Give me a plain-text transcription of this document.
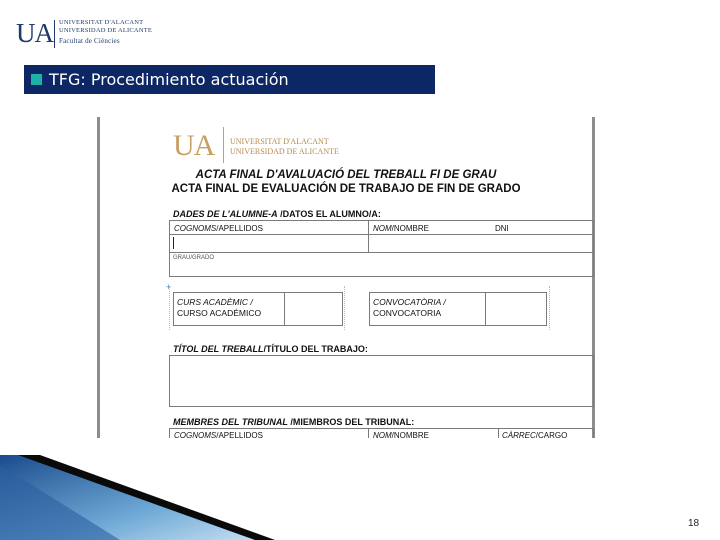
UA UNIVERSITAT D'ALACANT
UNIVERSIDAD DE ALICANTE
Facultat de Ciències
TFG: Procedimiento actuación
UA UNIVERSITAT D'ALACANT
UNIVERSIDAD DE ALICANTE
ACTA FINAL D'AVALUACIÓ DEL TREBALL FI DE GRAU
ACTA FINAL DE EVALUACIÓN DE TRABAJO DE FIN DE GRADO
DADES DE L'ALUMNE-A /DATOS EL ALUMNO/A:
COGNOMS/APELLIDOS	NOM/NOMBRE	DNI
GRAU/GRADO
+
CURS ACADÈMIC /
CURSO ACADÉMICO
CONVOCATÒRIA /
CONVOCATORIA
TÍTOL DEL TREBALL/TÍTULO DEL TRABAJO:
MEMBRES DEL TRIBUNAL /MIEMBROS DEL TRIBUNAL:
COGNOMS/APELLIDOS	NOM/NOMBRE	CÀRREC/CARGO
18
